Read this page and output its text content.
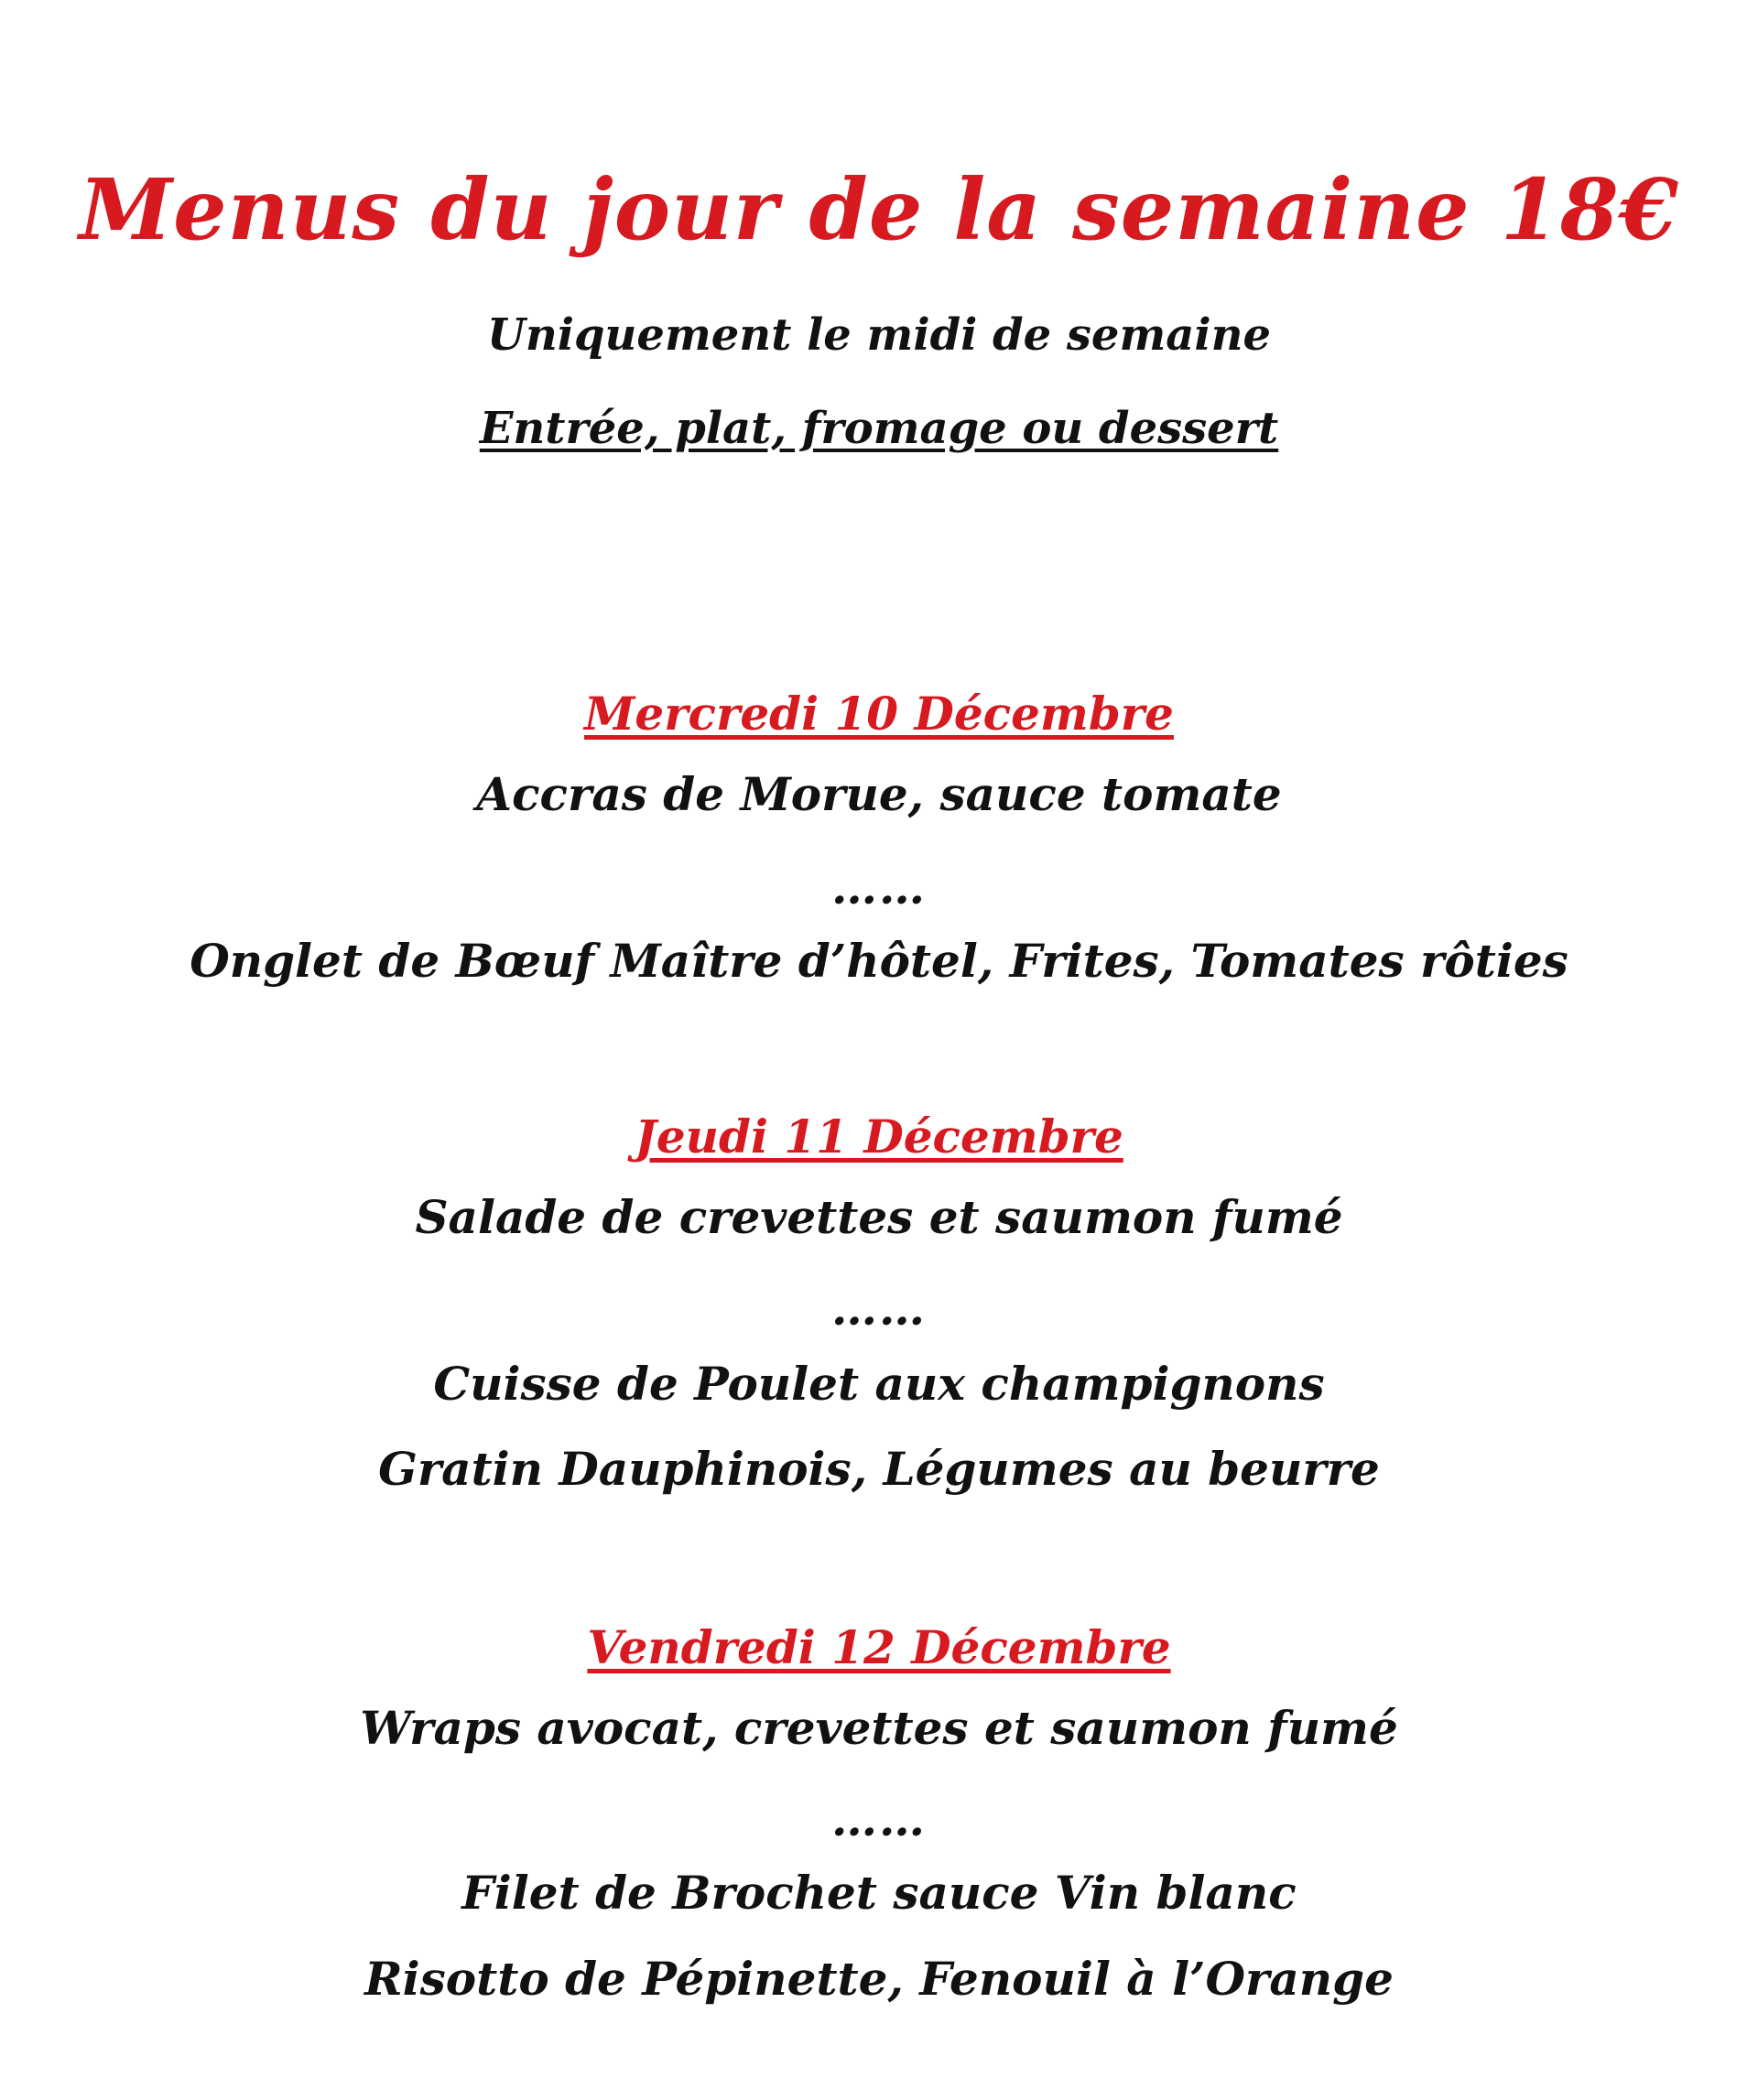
Menus du jour de la semaine 18€
Uniquement le midi de semaine
Entrée, plat, fromage ou dessert
Mercredi 10 Décembre
Accras de Morue, sauce tomate
……
Onglet de Bœuf Maître d’hôtel, Frites, Tomates rôties
Jeudi 11 Décembre
Salade de crevettes et saumon fumé
……
Cuisse de Poulet aux champignons
Gratin Dauphinois, Légumes au beurre
Vendredi 12 Décembre
Wraps avocat, crevettes et saumon fumé
……
Filet de Brochet sauce Vin blanc
Risotto de Pépinette, Fenouil à l’Orange
